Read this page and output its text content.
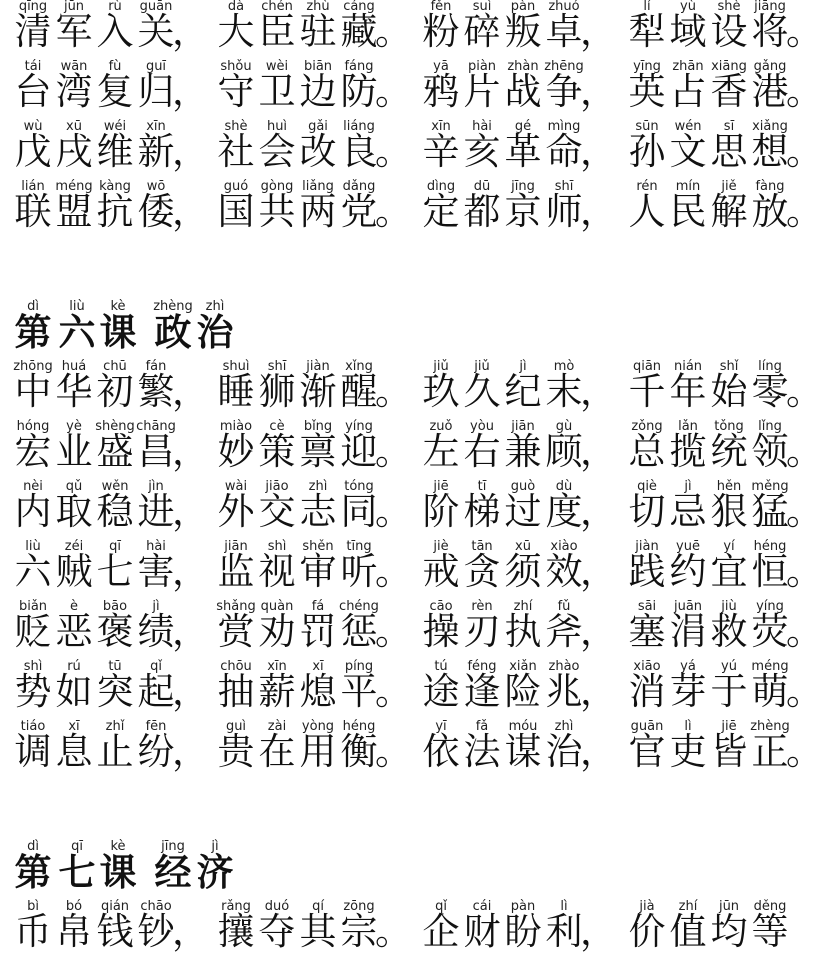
qīng
清
jūn
军
rù
入
guān
关
，
dà
大
chén
臣
zhù
驻
cáng
藏
。
fěn
粉
suì
碎
pàn
叛
zhuó
卓
，
lí
犁
yù
域
shè
设
jiāng
将
。
tái
台
wān
湾
fù
复
guī
归
，
shǒu
守
wèi
卫
biān
边
fáng
防
。
yā
鸦
piàn
片
zhàn
战
zhēng
争
，
yīng
英
zhān
占
xiāng
香
gǎng
港
。
wù
戊
xū
戌
wéi
维
xīn
新
，
shè
社
huì
会
gǎi
改
liáng
良
。
xīn
辛
hài
亥
gé
革
mìng
命
，
sūn
孙
wén
文
sī
思
xiǎng
想
。
lián
联
méng
盟
kàng
抗
wō
倭
，
guó
国
gòng
共
liǎng
两
dǎng
党
。
dìng
定
dū
都
jīng
京
shī
师
，
rén
人
mín
民
jiě
解
fàng
放
。
dì
第
liù
六
kè
课
zhèng
政
zhì
治
zhōng
中
huá
华
chū
初
fán
繁
，
shuì
睡
shī
狮
jiàn
渐
xǐng
醒
。
jiǔ
玖
jiǔ
久
jì
纪
mò
末
，
qiān
千
nián
年
shǐ
始
líng
零
。
hóng
宏
yè
业
shèng
盛
chāng
昌
，
miào
妙
cè
策
bǐng
禀
yíng
迎
。
zuǒ
左
yòu
右
jiān
兼
gù
顾
，
zǒng
总
lǎn
揽
tǒng
统
lǐng
领
。
nèi
内
qǔ
取
wěn
稳
jìn
进
，
wài
外
jiāo
交
zhì
志
tóng
同
。
jiē
阶
tī
梯
guò
过
dù
度
，
qiè
切
jì
忌
hěn
狠
měng
猛
。
liù
六
zéi
贼
qī
七
hài
害
，
jiān
监
shì
视
shěn
审
tīng
听
。
jiè
戒
tān
贪
xū
须
xiào
效
，
jiàn
践
yuē
约
yí
宜
héng
恒
。
biǎn
贬
è
恶
bāo
褒
jì
绩
，
shǎng
赏
quàn
劝
fá
罚
chéng
惩
。
cāo
操
rèn
刃
zhí
执
fǔ
斧
，
sāi
塞
juān
涓
jiù
救
yíng
荧
。
shì
势
rú
如
tū
突
qǐ
起
，
chōu
抽
xīn
薪
xī
熄
píng
平
。
tú
途
féng
逢
xiǎn
险
zhào
兆
，
xiāo
消
yá
芽
yú
于
méng
萌
。
tiáo
调
xī
息
zhǐ
止
fēn
纷
，
guì
贵
zài
在
yòng
用
héng
衡
。
yī
依
fǎ
法
móu
谋
zhì
治
，
guān
官
lì
吏
jiē
皆
zhèng
正
。
dì
第
qī
七
kè
课
jīng
经
jì
济
bì
币
bó
帛
qián
钱
chāo
钞
，
rǎng
攘
duó
夺
qí
其
zōng
宗
。
qǐ
企
cái
财
pàn
盼
lì
利
，
jià
价
zhí
值
jūn
均
děng
等
